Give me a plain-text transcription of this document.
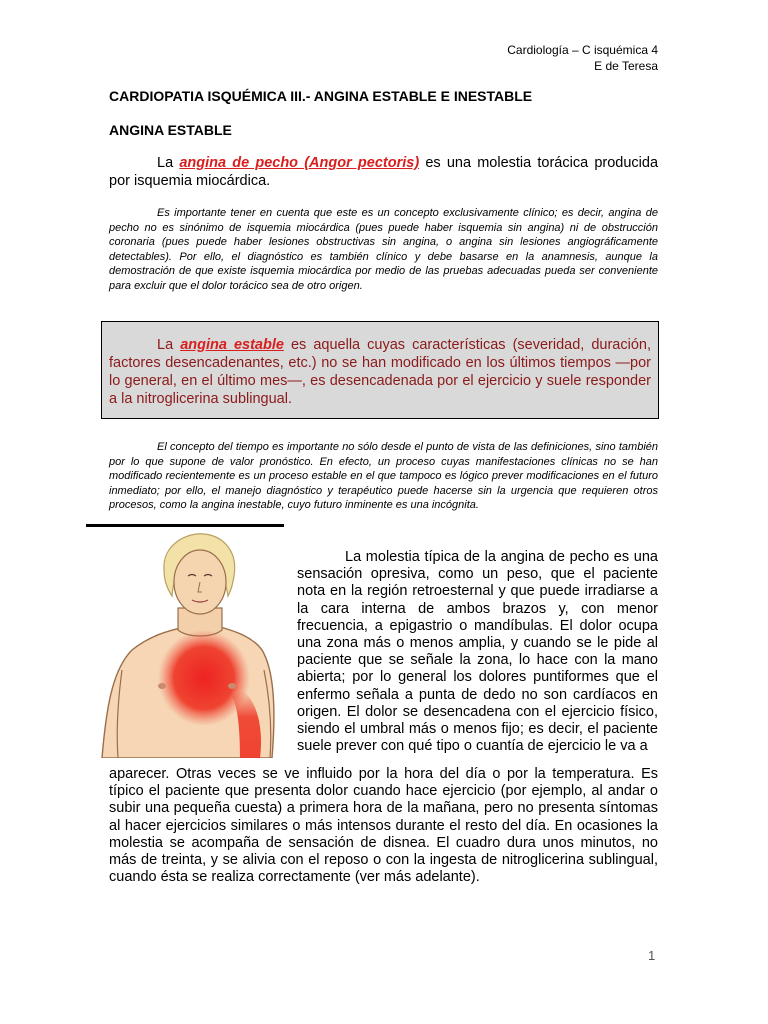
Cardiología – C isquémica 4
E de Teresa
CARDIOPATIA ISQUÉMICA III.- ANGINA ESTABLE E INESTABLE
ANGINA ESTABLE

La angina de pecho (Angor pectoris) es una molestia torácica producida por isquemia miocárdica.

Es importante tener en cuenta que este es un concepto exclusivamente clínico; es decir, angina de pecho no es sinónimo de isquemia miocárdica (pues puede haber isquemia sin angina) ni de obstrucción coronaria (pues puede haber lesiones obstructivas sin angina, o angina sin lesiones angiográficamente detectables). Por ello, el diagnóstico es también clínico y debe basarse en la anamnesis, aunque la demostración de que existe isquemia miocárdica por medio de las pruebas adecuadas pueda ser conveniente para excluir que el dolor torácico sea de otro origen.

La angina estable es aquella cuyas características (severidad, duración, factores desencadenantes, etc.) no se han modificado en los últimos tiempos —por lo general, en el último mes—, es desencadenada por el ejercicio y suele responder a la nitroglicerina sublingual.

El concepto del tiempo es importante no sólo desde el punto de vista de las definiciones, sino también por lo que supone de valor pronóstico. En efecto, un proceso cuyas manifestaciones clínicas no se han modificado recientemente es un proceso estable en el que tampoco es lógico prever modificaciones en el futuro inmediato; por ello, el manejo diagnóstico y terapéutico puede hacerse sin la urgencia que requieren otros procesos, como la angina inestable, cuyo futuro inminente es una incógnita.

La molestia típica de la angina de pecho es una sensación opresiva, como un peso, que el paciente nota en la región retroesternal y que puede irradiarse a la cara interna de ambos brazos y, con menor frecuencia, a epigastrio o mandíbulas. El dolor ocupa una zona más o menos amplia, y cuando se le pide al paciente que se señale la zona, lo hace con la mano abierta; por lo general los dolores puntiformes que el enfermo señala a punta de dedo no son cardíacos en origen. El dolor se desencadena con el ejercicio físico, siendo el umbral más o menos fijo; es decir, el paciente suele prever con qué tipo o cuantía de ejercicio le va a

aparecer. Otras veces se ve influido por la hora del día o por la temperatura. Es típico el paciente que presenta dolor cuando hace ejercicio (por ejemplo, al andar o subir una pequeña cuesta) a primera hora de la mañana, pero no presenta síntomas al hacer ejercicios similares o más intensos durante el resto del día. En ocasiones la molestia se acompaña de sensación de disnea. El cuadro dura unos minutos, no más de treinta, y se alivia con el reposo o con la ingesta de nitroglicerina sublingual, cuando ésta se realiza correctamente (ver más adelante).

1
